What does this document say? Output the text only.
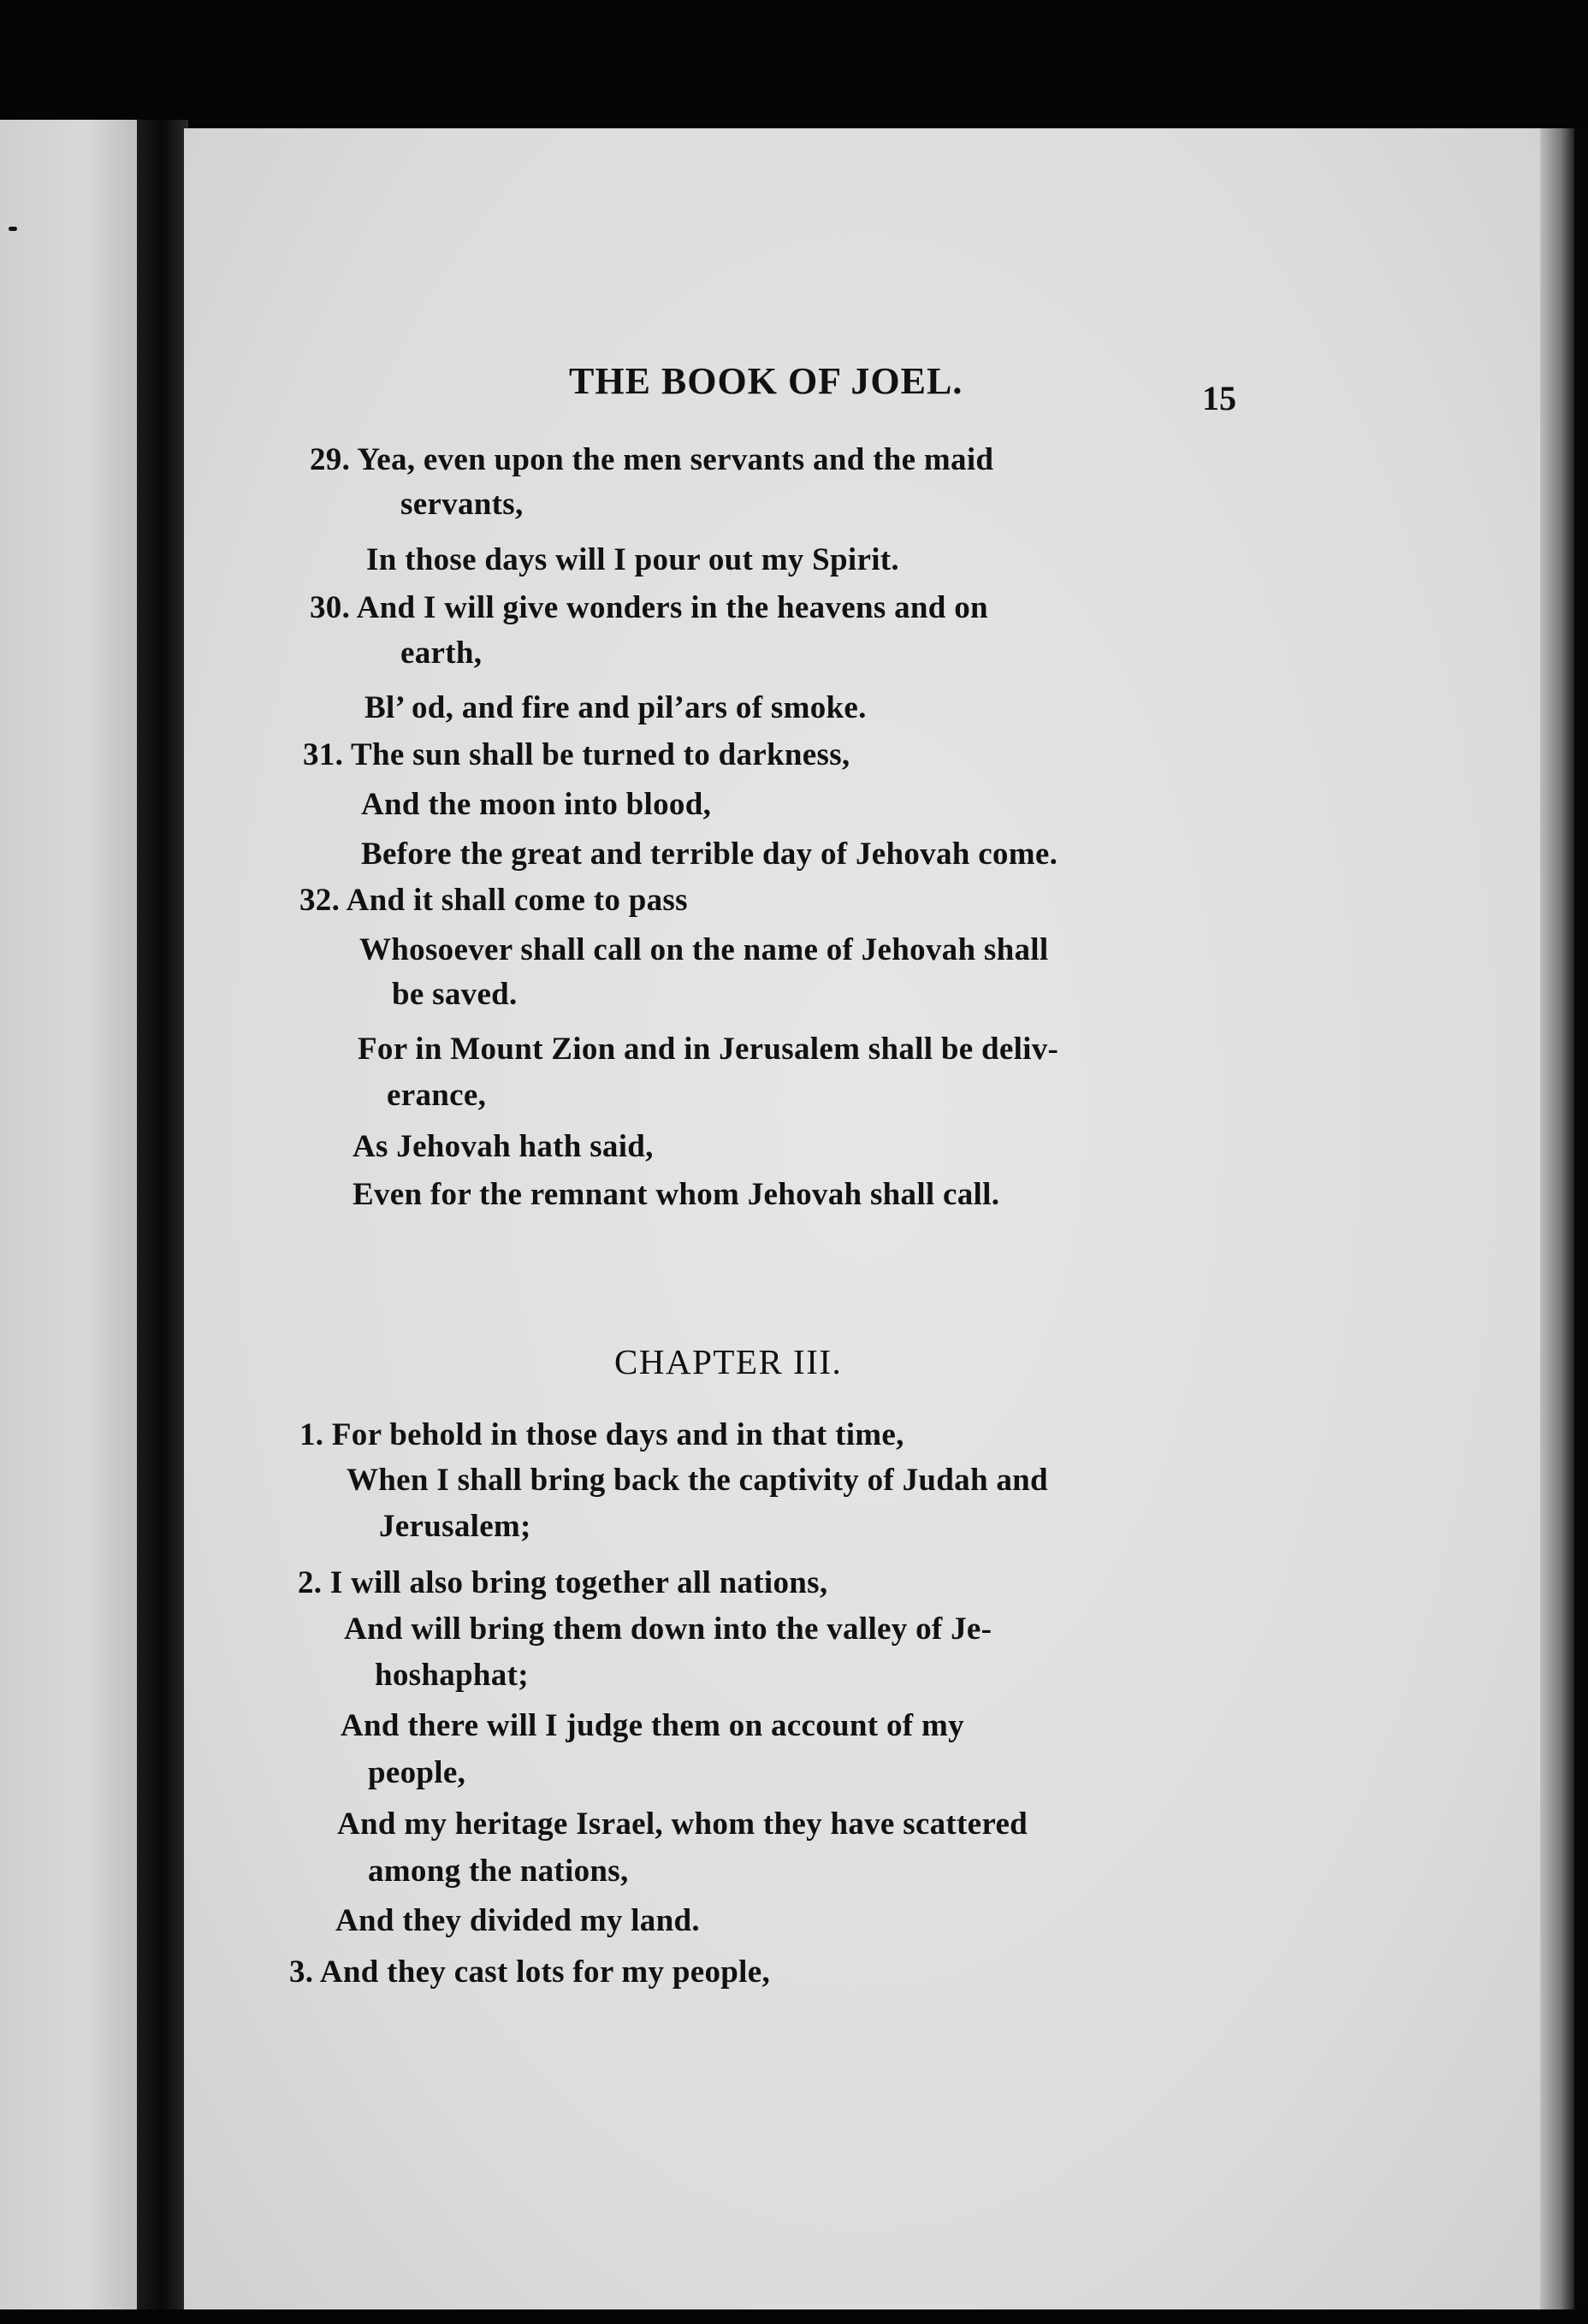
THE BOOK OF JOEL.	15
29. Yea, even upon the men servants and the maid
servants,
In those days will I pour out my Spirit.
30. And I will give wonders in the heavens and on
earth,
Bl’ od, and fire and pil’ars of smoke.
31. The sun shall be turned to darkness,
And the moon into blood,
Before the great and terrible day of Jehovah come.
32. And it shall come to pass
Whosoever shall call on the name of Jehovah shall
be saved.
For in Mount Zion and in Jerusalem shall be deliv-
erance,
As Jehovah hath said,
Even for the remnant whom Jehovah shall call.
CHAPTER III.
1. For behold in those days and in that time,
When I shall bring back the captivity of Judah and
Jerusalem;
2. I will also bring together all nations,
And will bring them down into the valley of Je-
hoshaphat;
And there will I judge them on account of my
people,
And my heritage Israel, whom they have scattered
among the nations,
And they divided my land.
3. And they cast lots for my people,
